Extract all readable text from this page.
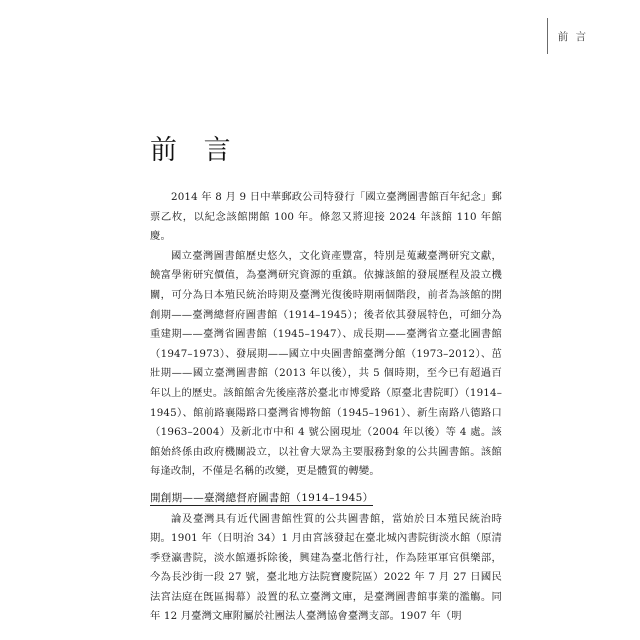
前 言
前 言

2014 年 8 月 9 日中華郵政公司特發行「國立臺灣圖書館百年紀念」郵票乙枚，以紀念該館開館 100 年。條忽又將迎接 2024 年該館 110 年館慶。

國立臺灣圖書館歷史悠久，文化資產豐富，特別是蒐藏臺灣研究文獻，饒富學術研究價值，為臺灣研究資源的重鎮。依據該館的發展歷程及設立機關，可分為日本殖民統治時期及臺灣光復後時期兩個階段，前者為該館的開創期——臺灣總督府圖書館（1914–1945）；後者依其發展特色，可細分為重建期——臺灣省圖書館（1945–1947）、成長期——臺灣省立臺北圖書館（1947–1973）、發展期——國立中央圖書館臺灣分館（1973–2012）、茁壯期——國立臺灣圖書館（2013 年以後），共 5 個時期，至今已有超過百年以上的歷史。該館館舍先後座落於臺北市博愛路（原臺北書院町）（1914–1945）、館前路襄陽路口臺灣省博物館（1945–1961）、新生南路八德路口（1963–2004）及新北市中和 4 號公園現址（2004 年以後）等 4 處。該館始終係由政府機關設立，以社會大眾為主要服務對象的公共圖書館。該館每逢改制，不僅是名稱的改變，更是體質的轉變。

開創期——臺灣總督府圖書館（1914–1945）

論及臺灣具有近代圖書館性質的公共圖書館，當始於日本殖民統治時期。1901 年（日明治 34）1 月由宮該發起在臺北城內書院街淡水館（原清季登瀛書院，淡水館遷拆除後，興建為臺北偕行社，作為陸軍軍官俱樂部，今為長沙街一段 27 號，臺北地方法院寶慶院區）2022 年 7 月 27 日國民法宮法庭在旣區揭幕）設置的私立臺灣文庫，是臺灣圖書館事業的濫觴。同年 12 月臺灣文庫附屬於社團法人臺灣協會臺灣支部。1907 年（明
